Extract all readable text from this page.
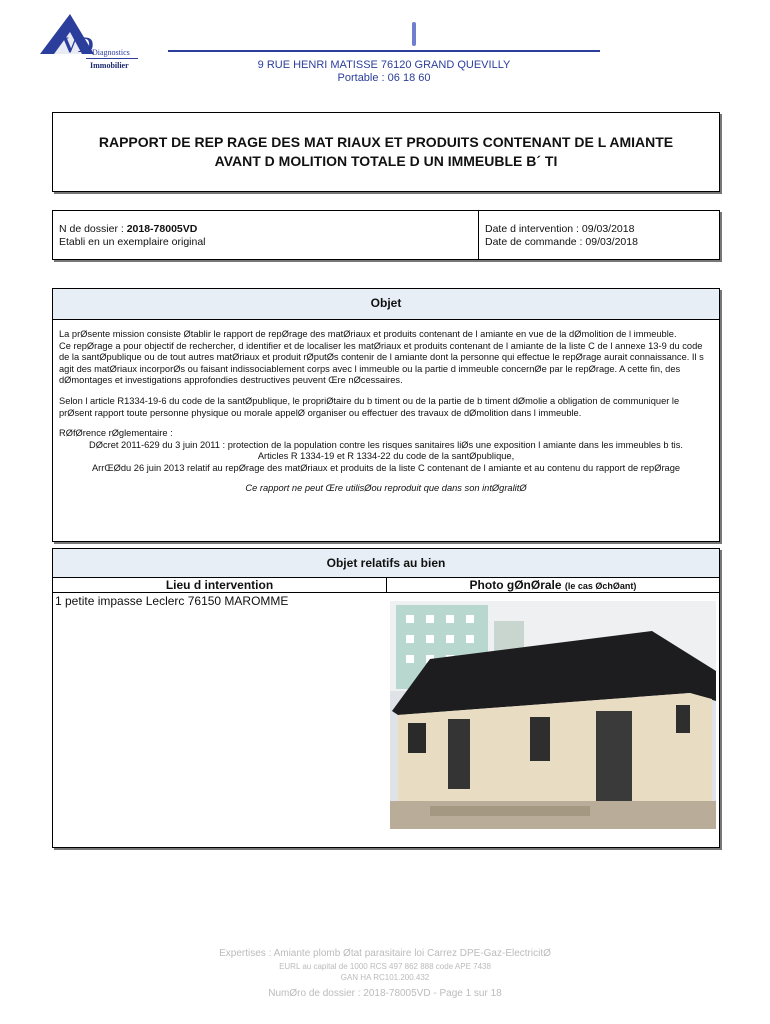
VD
Diagnostics
Immobilier	9 RUE HENRI MATISSE 76120 GRAND QUEVILLY
Portable : 06 18 60
RAPPORT DE REP RAGE DES MAT RIAUX ET PRODUITS CONTENANT DE L AMIANTE
AVANT D MOLITION TOTALE D UN IMMEUBLE B´ TI
N de dossier : 2018-78005VD
Etabli en un exemplaire original
Date d intervention : 09/03/2018
Date de commande : 09/03/2018
Objet

La prØsente mission consiste Øtablir le rapport de repØrage des matØriaux et produits contenant de l amiante en vue de la dØmolition de l immeuble.

Ce repØrage a pour objectif de rechercher, d identifier et de localiser les matØriaux et produits contenant de l amiante de la liste C de l annexe 13-9 du code de la santØpublique ou de tout autres matØriaux et produit rØputØs contenir de l amiante dont la personne qui effectue le repØrage aurait connaissance. Il s agit des matØriaux incorporØs ou faisant indissociablement corps avec l immeuble ou la partie d immeuble concernØe par le repØrage. A cette fin, des dØmontages et investigations approfondies destructives peuvent Œre nØcessaires.

Selon l article R1334-19-6 du code de la santØpublique, le propriØtaire du b timent ou de la partie de b timent dØmolie a obligation de communiquer le prØsent rapport toute personne physique ou morale appelØ organiser ou effectuer des travaux de dØmolition dans l immeuble.

RØfØrence rØglementaire :

DØcret 2011-629 du 3 juin 2011 : protection de la population contre les risques sanitaires liØs une exposition l amiante dans les immeubles b tis.

Articles R 1334-19 et R 1334-22 du code de la santØpublique,

ArrŒØdu 26 juin 2013 relatif au repØrage des matØriaux et produits de la liste C contenant de l amiante et au contenu du rapport de repØrage

Ce rapport ne peut Œre utilisØou reproduit que dans son intØgralitØ

Objet relatifs au bien
Lieu d intervention	Photo gØnØrale (le cas ØchØant)
1 petite impasse Leclerc 76150 MAROMME
Expertises : Amiante plomb Øtat parasitaire loi Carrez DPE-Gaz-ElectricitØ
EURL au capital de 1000 RCS 497 862 888 code APE 7438
GAN HA RC101.200.432
NumØro de dossier : 2018-78005VD - Page 1 sur 18
